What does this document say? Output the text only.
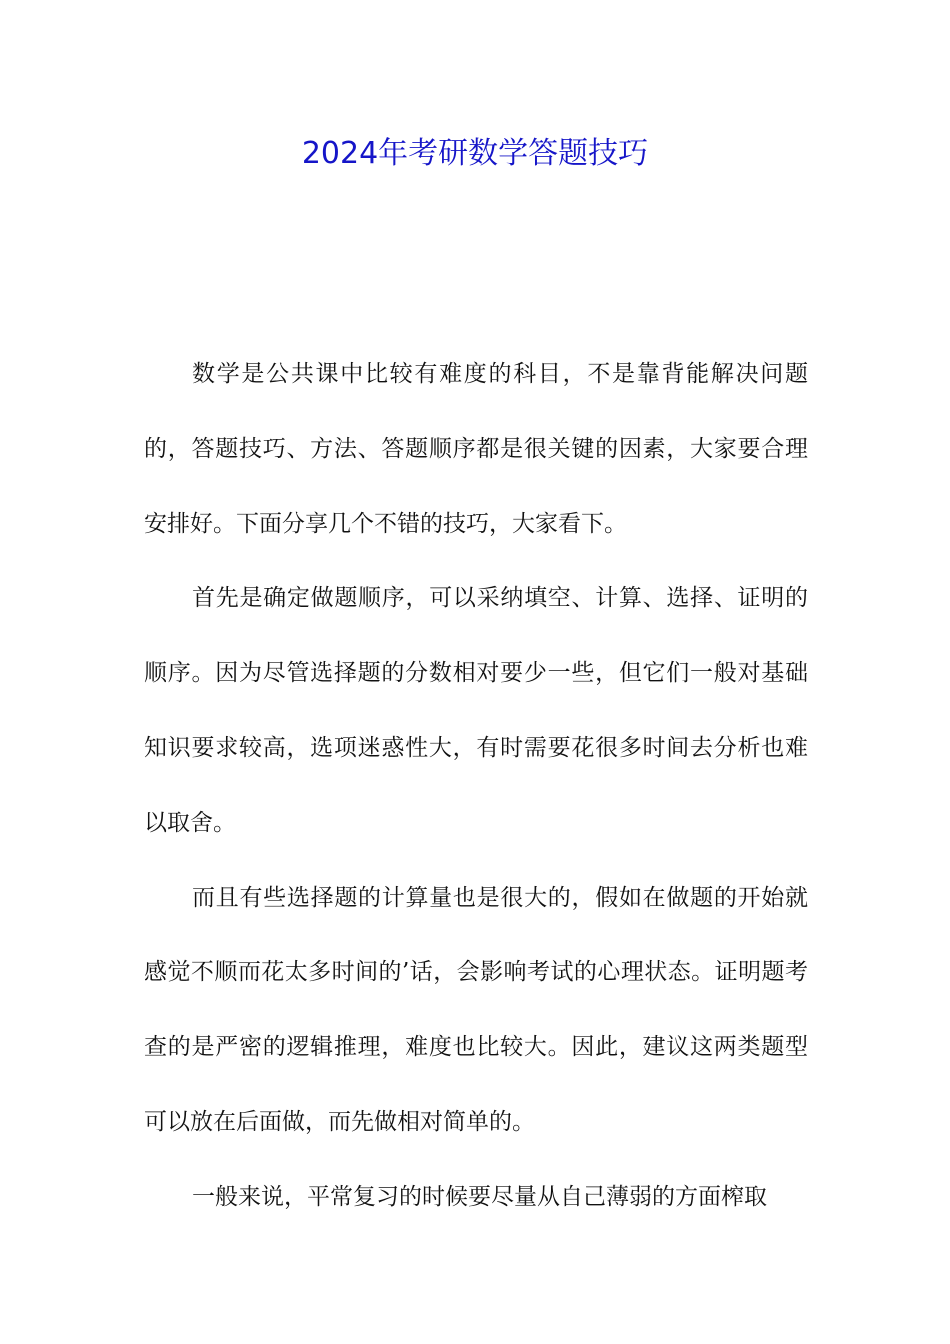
2024年考研数学答题技巧

数学是公共课中比较有难度的科目，不是靠背能解决问题的，答题技巧、方法、答题顺序都是很关键的因素，大家要合理安排好。下面分享几个不错的技巧，大家看下。

首先是确定做题顺序，可以采纳填空、计算、选择、证明的顺序。因为尽管选择题的分数相对要少一些，但它们一般对基础知识要求较高，选项迷惑性大，有时需要花很多时间去分析也难以取舍。

而且有些选择题的计算量也是很大的，假如在做题的开始就感觉不顺而花太多时间的’话，会影响考试的心理状态。证明题考查的是严密的逻辑推理，难度也比较大。因此，建议这两类题型可以放在后面做，而先做相对简单的。

一般来说，平常复习的时候要尽量从自己薄弱的方面榨取
